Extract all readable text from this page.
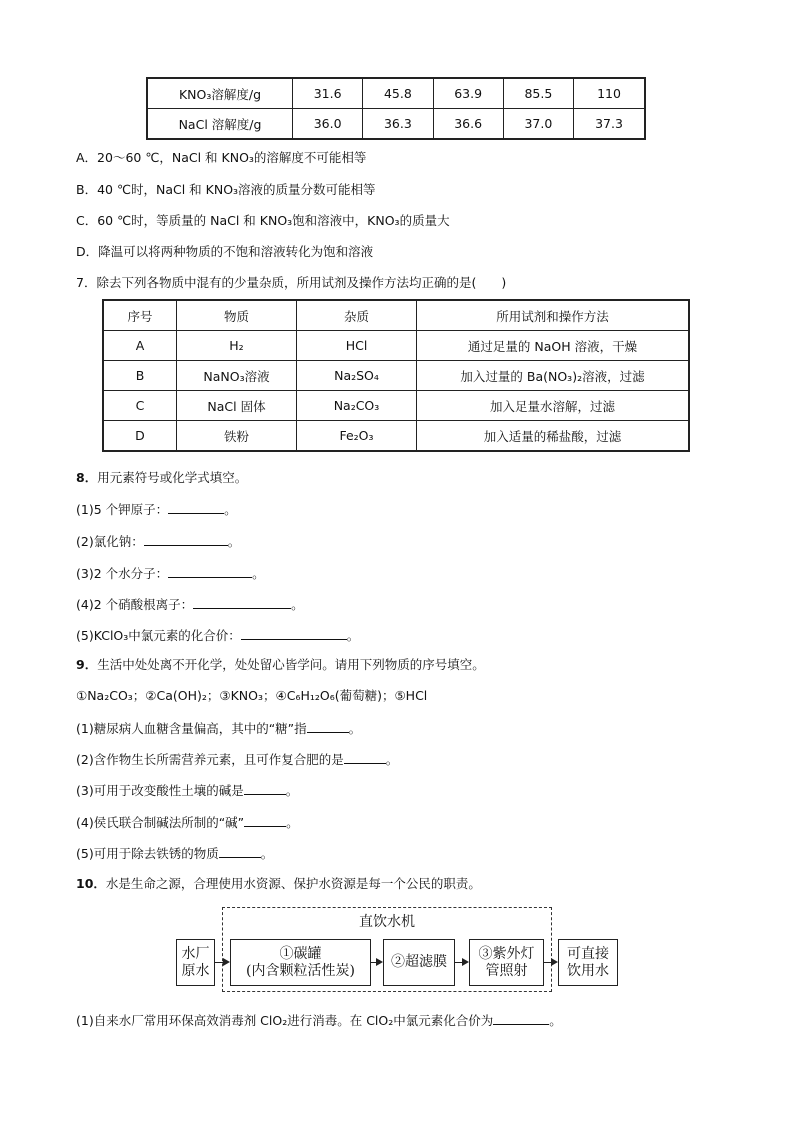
KNO₃溶解度/g	31.6	45.8	63.9	85.5	110
NaCl 溶解度/g	36.0	36.3	36.6	37.0	37.3
A．20～60 ℃，NaCl 和 KNO₃的溶解度不可能相等
B．40 ℃时，NaCl 和 KNO₃溶液的质量分数可能相等
C．60 ℃时，等质量的 NaCl 和 KNO₃饱和溶液中，KNO₃的质量大
D．降温可以将两种物质的不饱和溶液转化为饱和溶液
7．除去下列各物质中混有的少量杂质，所用试剂及操作方法均正确的是(　　)
序号	物质	杂质	所用试剂和操作方法
A	H₂	HCl	通过足量的 NaOH 溶液，干燥
B	NaNO₃溶液	Na₂SO₄	加入过量的 Ba(NO₃)₂溶液，过滤
C	NaCl 固体	Na₂CO₃	加入足量水溶解，过滤
D	铁粉	Fe₂O₃	加入适量的稀盐酸，过滤
8．用元素符号或化学式填空。
(1)5 个钾原子：	。
(2)氯化钠：	。
(3)2 个水分子：	。
(4)2 个硝酸根离子：	。
(5)KClO₃中氯元素的化合价：	。
9．生活中处处离不开化学，处处留心皆学问。请用下列物质的序号填空。
①Na₂CO₃；②Ca(OH)₂；③KNO₃；④C₆H₁₂O₆(葡萄糖)；⑤HCl
(1)糖尿病人血糖含量偏高，其中的“糖”指	。
(2)含作物生长所需营养元素，且可作复合肥的是	。
(3)可用于改变酸性土壤的碱是	。
(4)侯氏联合制碱法所制的“碱”	。
(5)可用于除去铁锈的物质	。
10．水是生命之源，合理使用水资源、保护水资源是每一个公民的职责。
直饮水机
水厂
原水
①碳罐
(内含颗粒活性炭)
②超滤膜
③紫外灯
管照射
可直接
饮用水
(1)自来水厂常用环保高效消毒剂 ClO₂进行消毒。在 ClO₂中氯元素化合价为	。
